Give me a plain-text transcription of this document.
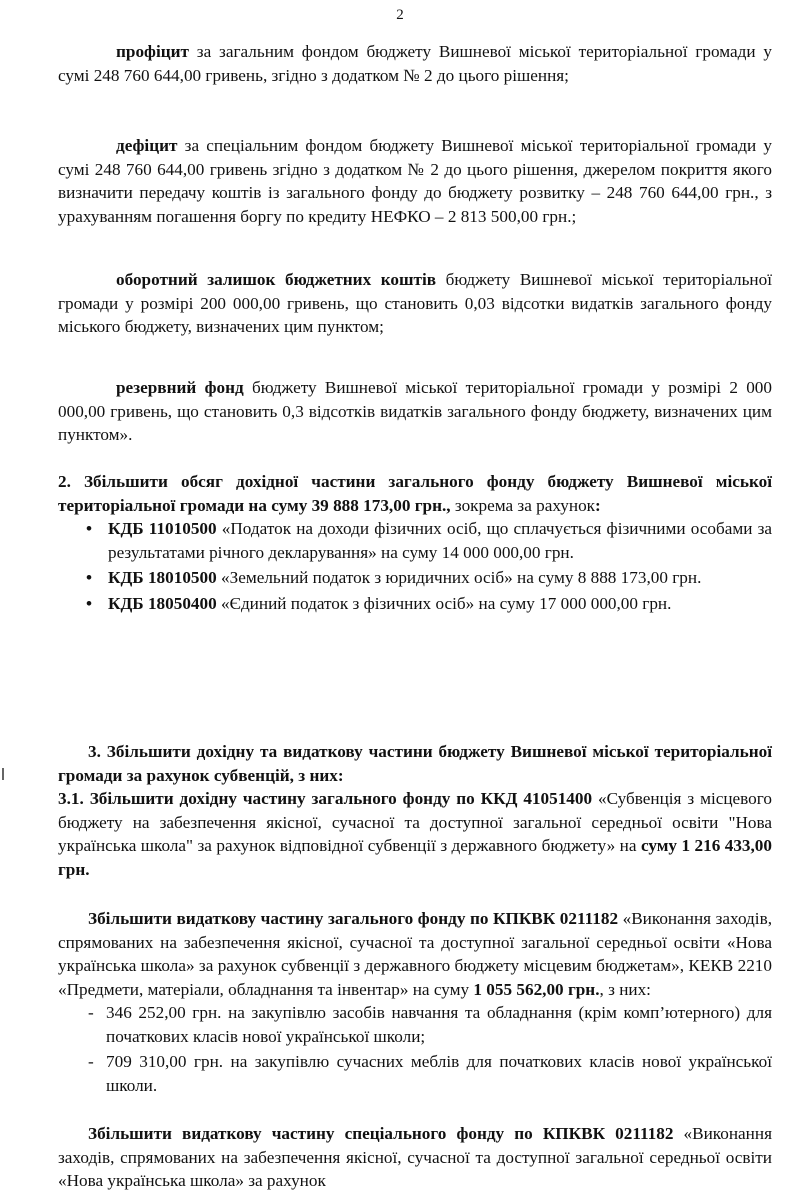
2
профіцит за загальним фондом бюджету Вишневої міської територіальної громади у сумі 248 760 644,00 гривень, згідно з додатком № 2 до цього рішення;
дефіцит за спеціальним фондом бюджету Вишневої міської територіальної громади у сумі 248 760 644,00 гривень згідно з додатком № 2 до цього рішення, джерелом покриття якого визначити передачу коштів із загального фонду до бюджету розвитку – 248 760 644,00 грн., з урахуванням погашення боргу по кредиту НЕФКО – 2 813 500,00 грн.;
оборотний залишок бюджетних коштів бюджету Вишневої міської територіальної громади у розмірі 200 000,00 гривень, що становить 0,03 відсотки видатків загального фонду міського бюджету, визначених цим пунктом;
резервний фонд бюджету Вишневої міської територіальної громади у розмірі 2 000 000,00 гривень, що становить 0,3 відсотків видатків загального фонду бюджету, визначених цим пунктом».
2. Збільшити обсяг дохідної частини загального фонду бюджету Вишневої міської територіальної громади на суму 39 888 173,00 грн., зокрема за рахунок:
• КДБ 11010500 «Податок на доходи фізичних осіб, що сплачується фізичними особами за результатами річного декларування» на суму 14 000 000,00 грн.
• КДБ 18010500 «Земельний податок з юридичних осіб» на суму 8 888 173,00 грн.
• КДБ 18050400 «Єдиний податок з фізичних осіб» на суму 17 000 000,00 грн.
3. Збільшити дохідну та видаткову частини бюджету Вишневої міської територіальної громади за рахунок субвенцій, з них:
3.1. Збільшити дохідну частину загального фонду по ККД 41051400 «Субвенція з місцевого бюджету на забезпечення якісної, сучасної та доступної загальної середньої освіти "Нова українська школа" за рахунок відповідної субвенції з державного бюджету» на суму 1 216 433,00 грн.
Збільшити видаткову частину загального фонду по КПКВК 0211182 «Виконання заходів, спрямованих на забезпечення якісної, сучасної та доступної загальної середньої освіти «Нова українська школа» за рахунок субвенції з державного бюджету місцевим бюджетам», КЕКВ 2210 «Предмети, матеріали, обладнання та інвентар» на суму 1 055 562,00 грн., з них:
- 346 252,00 грн. на закупівлю засобів навчання та обладнання (крім комп’ютерного) для початкових класів нової української школи;
- 709 310,00 грн. на закупівлю сучасних меблів для початкових класів нової української школи.
Збільшити видаткову частину спеціального фонду по КПКВК 0211182 «Виконання заходів, спрямованих на забезпечення якісної, сучасної та доступної загальної середньої освіти «Нова українська школа» за рахунок
